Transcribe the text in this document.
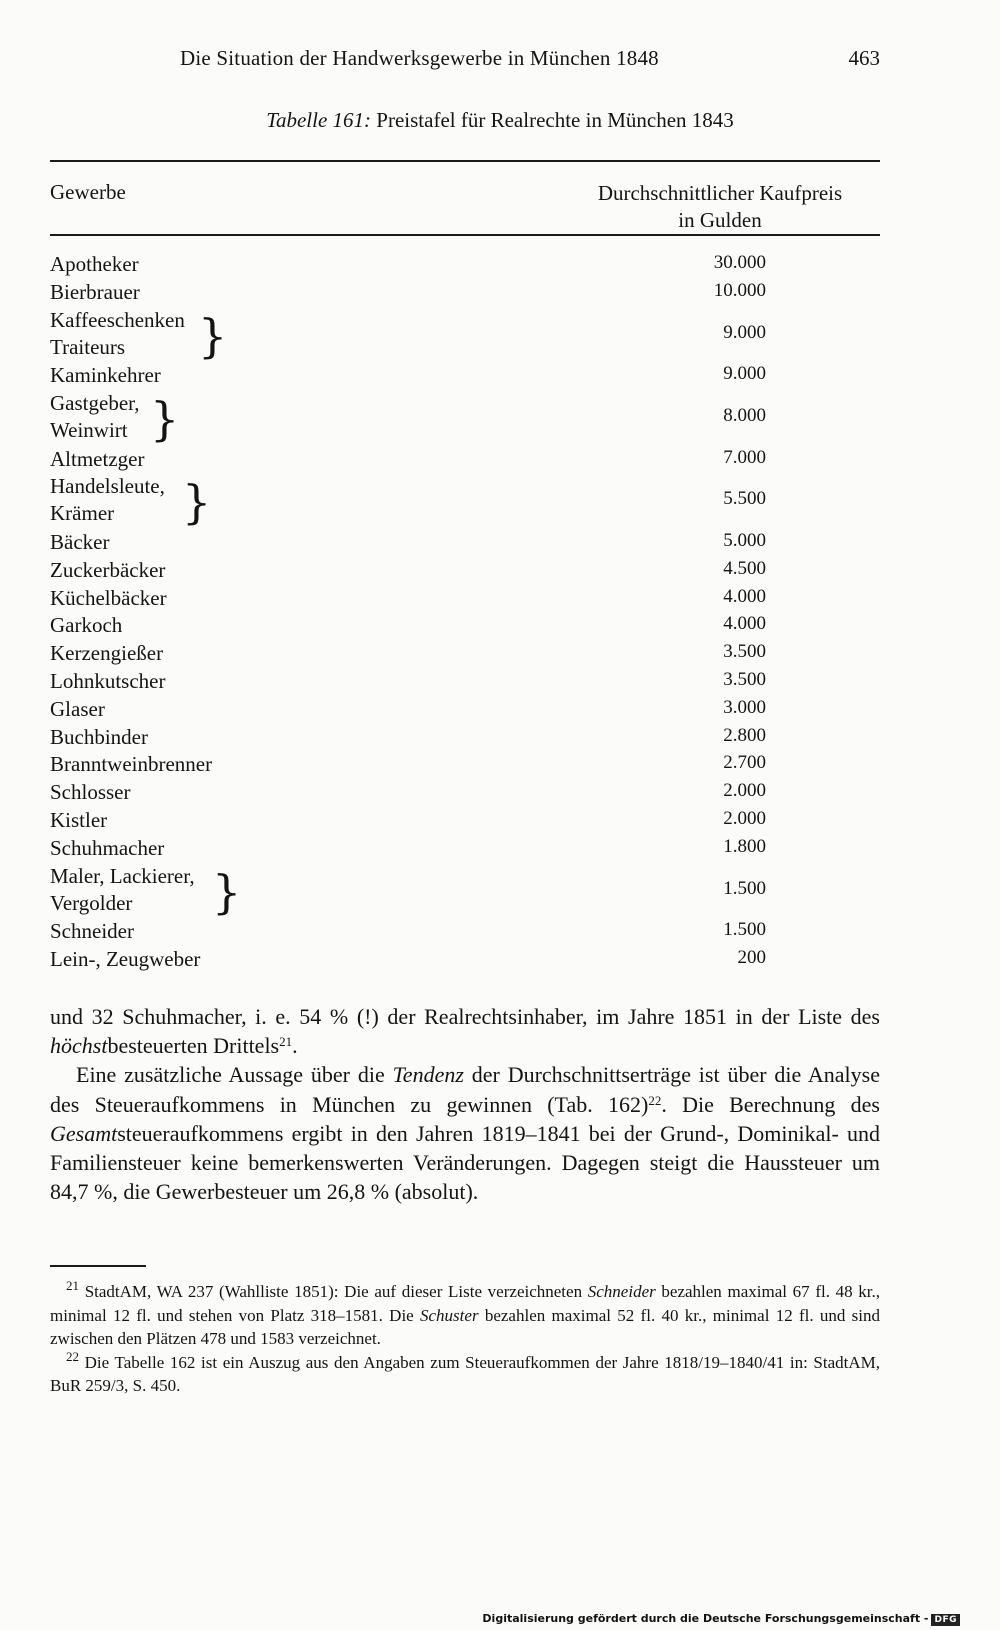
Die Situation der Handwerksgewerbe in München 1848	463
Tabelle 161: Preistafel für Realrechte in München 1843
Gewerbe	Durchschnittlicher Kaufpreis
in Gulden
Apotheker	30.000
Bierbrauer	10.000
Kaffeeschenken
Traiteurs }	9.000
Kaminkehrer	9.000
Gastgeber,
Weinwirt }	8.000
Altmetzger	7.000
Handelsleute,
Krämer }	5.500
Bäcker	5.000
Zuckerbäcker	4.500
Küchelbäcker	4.000
Garkoch	4.000
Kerzengießer	3.500
Lohnkutscher	3.500
Glaser	3.000
Buchbinder	2.800
Branntweinbrenner	2.700
Schlosser	2.000
Kistler	2.000
Schuhmacher	1.800
Maler, Lackierer,
Vergolder }	1.500
Schneider	1.500
Lein-, Zeugweber	200

und 32 Schuhmacher, i. e. 54 % (!) der Realrechtsinhaber, im Jahre 1851 in der Liste des höchstbesteuerten Drittels$^{21}$.

Eine zusätzliche Aussage über die Tendenz der Durchschnittserträge ist über die Analyse des Steueraufkommens in München zu gewinnen (Tab. 162)$^{22}$. Die Berechnung des Gesamtsteueraufkommens ergibt in den Jahren 1819–1841 bei der Grund-, Dominikal- und Familiensteuer keine bemerkenswerten Veränderungen. Dagegen steigt die Haussteuer um 84,7 %, die Gewerbesteuer um 26,8 % (absolut).

$^{21}$ StadtAM, WA 237 (Wahlliste 1851): Die auf dieser Liste verzeichneten Schneider bezahlen maximal 67 fl. 48 kr., minimal 12 fl. und stehen von Platz 318–1581. Die Schuster bezahlen maximal 52 fl. 40 kr., minimal 12 fl. und sind zwischen den Plätzen 478 und 1583 verzeichnet.

$^{22}$ Die Tabelle 162 ist ein Auszug aus den Angaben zum Steueraufkommen der Jahre 1818/19–1840/41 in: StadtAM, BuR 259/3, S. 450.

Digitalisierung gefördert durch die Deutsche Forschungsgemeinschaft - DFG
